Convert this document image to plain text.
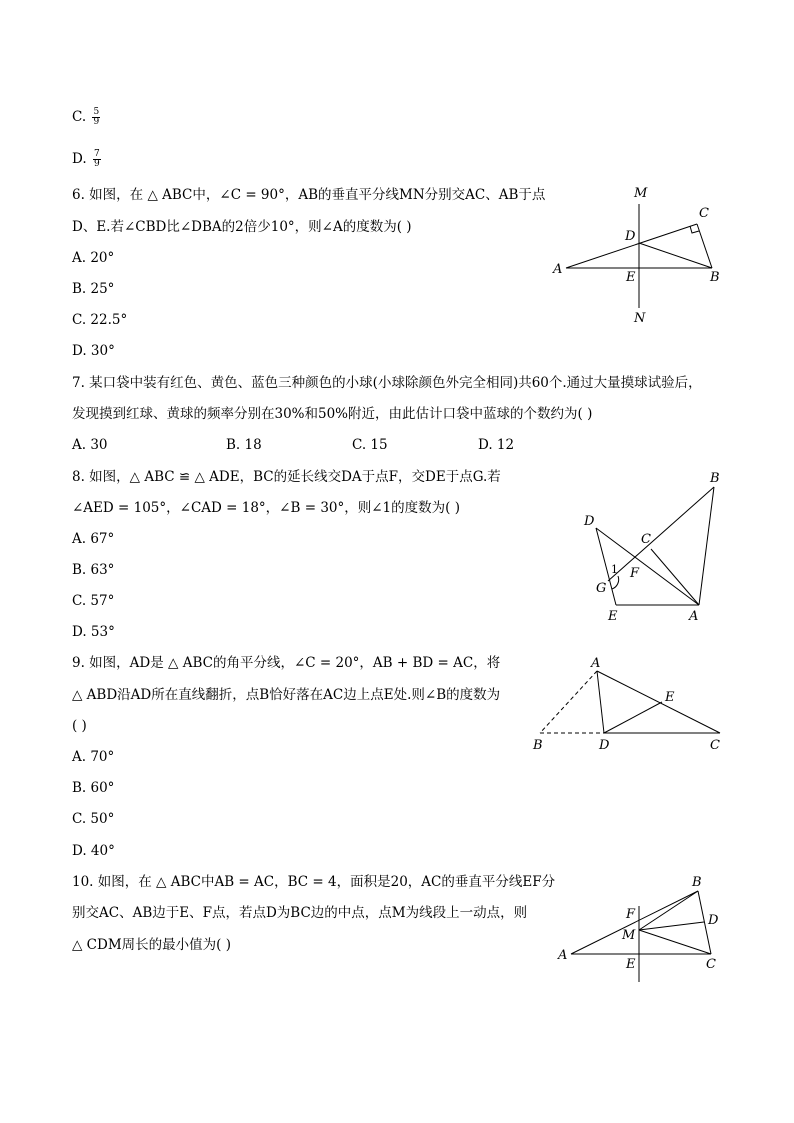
C. $\frac{5}{9}$
D. $\frac{7}{9}$
6. 如图，在 △ ABC中，∠C = 90°，AB的垂直平分线MN分别交AC、AB于点
D、E.若∠CBD比∠DBA的2倍少10°，则∠A的度数为( )
A. 20°
B. 25°
C. 22.5°
D. 30°
M
C
D
A
E	B
N
7. 某口袋中装有红色、黄色、蓝色三种颜色的小球(小球除颜色外完全相同)共60个.通过大量摸球试验后，
发现摸到红球、黄球的频率分别在30%和50%附近，由此估计口袋中蓝球的个数约为( )
A. 30	B. 18	C. 15	D. 12
8. 如图，△ ABC ≌ △ ADE，BC的延长线交DA于点F，交DE于点G.若
∠AED = 105°，∠CAD = 18°，∠B = 30°，则∠1的度数为( )
A. 67°
B. 63°
C. 57°
D. 53°
B
D
C
1 F
G
E	A
9. 如图，AD是 △ ABC的角平分线，∠C = 20°，AB + BD = AC，将
△ ABD沿AD所在直线翻折，点B恰好落在AC边上点E处.则∠B的度数为
( )
A. 70°
B. 60°
C. 50°
D. 40°
A
E
B	D	C
10. 如图，在 △ ABC中AB = AC，BC = 4，面积是20，AC的垂直平分线EF分
别交AC、AB边于E、F点，若点D为BC边的中点，点M为线段上一动点，则
△ CDM周长的最小值为( )
B
F	D
M
A
E	C
